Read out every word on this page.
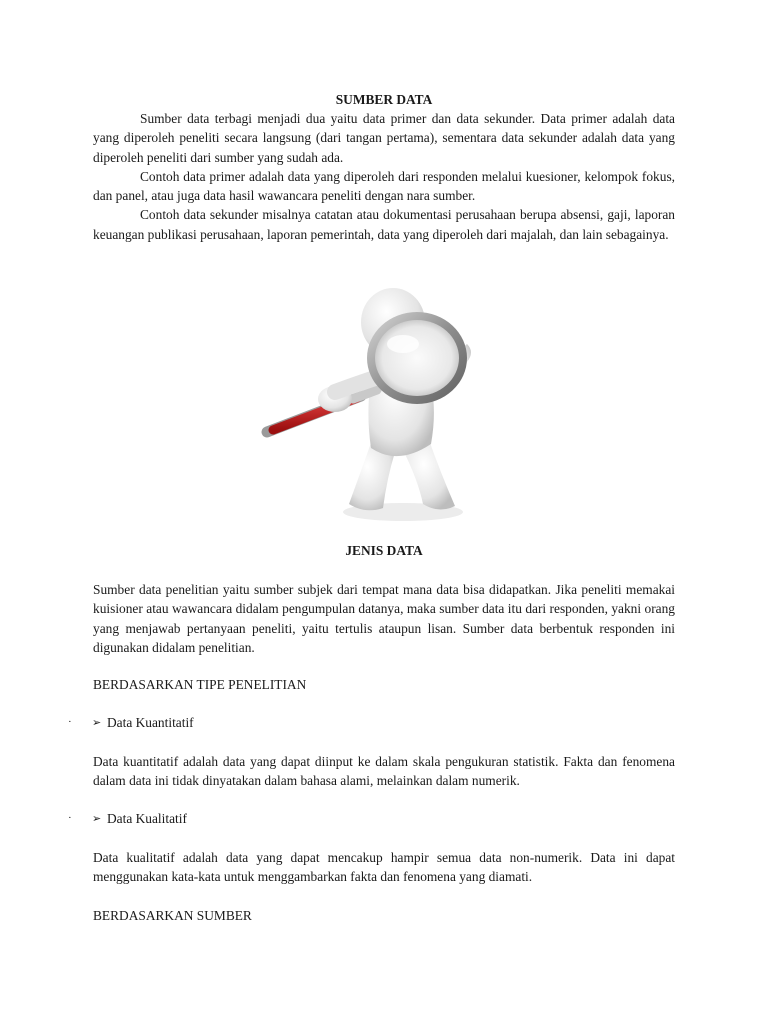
SUMBER DATA

Sumber data terbagi menjadi dua yaitu data primer dan data sekunder. Data primer adalah data yang diperoleh peneliti secara langsung (dari tangan pertama), sementara data sekunder adalah data yang diperoleh peneliti dari sumber yang sudah ada.

Contoh data primer adalah data yang diperoleh dari responden melalui kuesioner, kelompok fokus, dan panel, atau juga data hasil wawancara peneliti dengan nara sumber.

Contoh data sekunder misalnya catatan atau dokumentasi perusahaan berupa absensi, gaji, laporan keuangan publikasi perusahaan, laporan pemerintah, data yang diperoleh dari majalah, dan lain sebagainya.

JENIS DATA
Sumber data penelitian yaitu sumber subjek dari tempat mana data bisa didapatkan. Jika peneliti memakai kuisioner atau wawancara didalam pengumpulan datanya, maka sumber data itu dari responden, yakni orang yang menjawab pertanyaan peneliti, yaitu tertulis ataupun lisan. Sumber data berbentuk responden ini digunakan didalam penelitian.
BERDASARKAN TIPE PENELITIAN
· ➢ Data Kuantitatif
Data kuantitatif adalah data yang dapat diinput ke dalam skala pengukuran statistik. Fakta dan fenomena dalam data ini tidak dinyatakan dalam bahasa alami, melainkan dalam numerik.
· ➢ Data Kualitatif
Data kualitatif adalah data yang dapat mencakup hampir semua data non-numerik. Data ini dapat menggunakan kata-kata untuk menggambarkan fakta dan fenomena yang diamati.
BERDASARKAN SUMBER
